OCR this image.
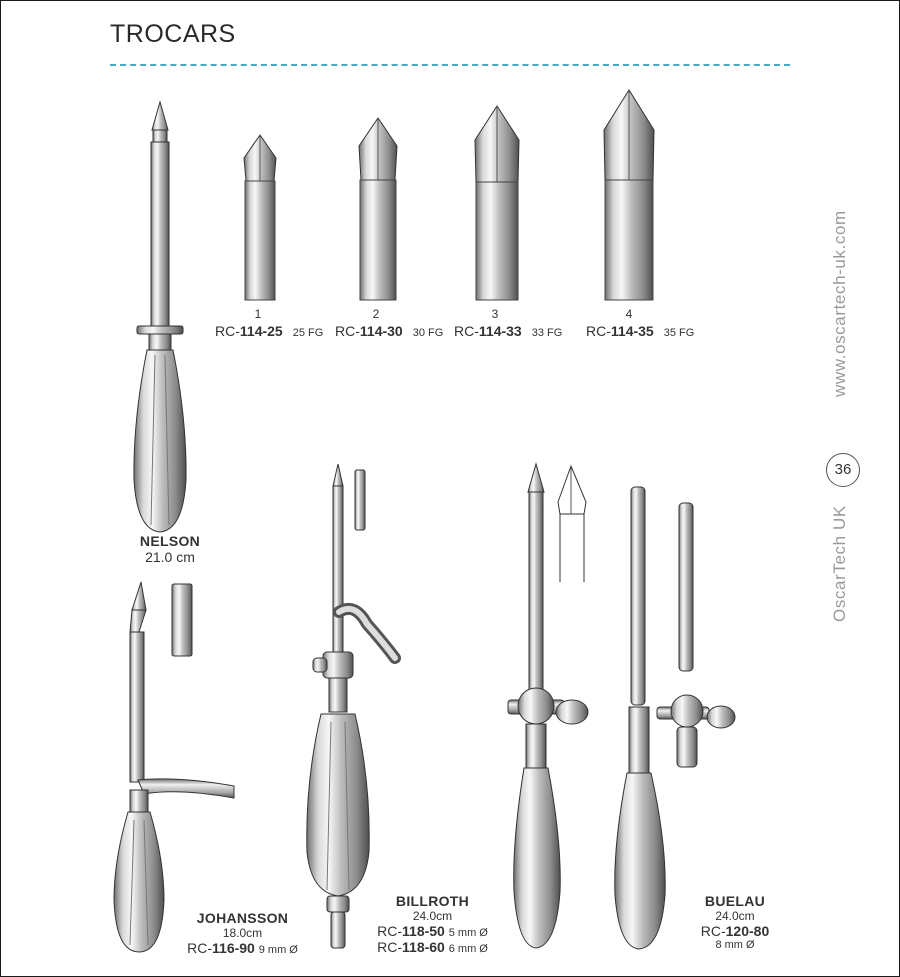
TROCARS
www.oscartech-uk.com
OscarTech UK
36
NELSON
21.0 cm
1	2	3	4
RC-114-25 25 FG RC-114-30 30 FG RC-114-33 33 FG RC-114-35 35 FG
JOHANSSON
18.0cm
RC-116-90 9 mm Ø
BILLROTH
24.0cm
RC-118-50 5 mm Ø
RC-118-60 6 mm Ø
BUELAU
24.0cm
RC-120-80
8 mm Ø
